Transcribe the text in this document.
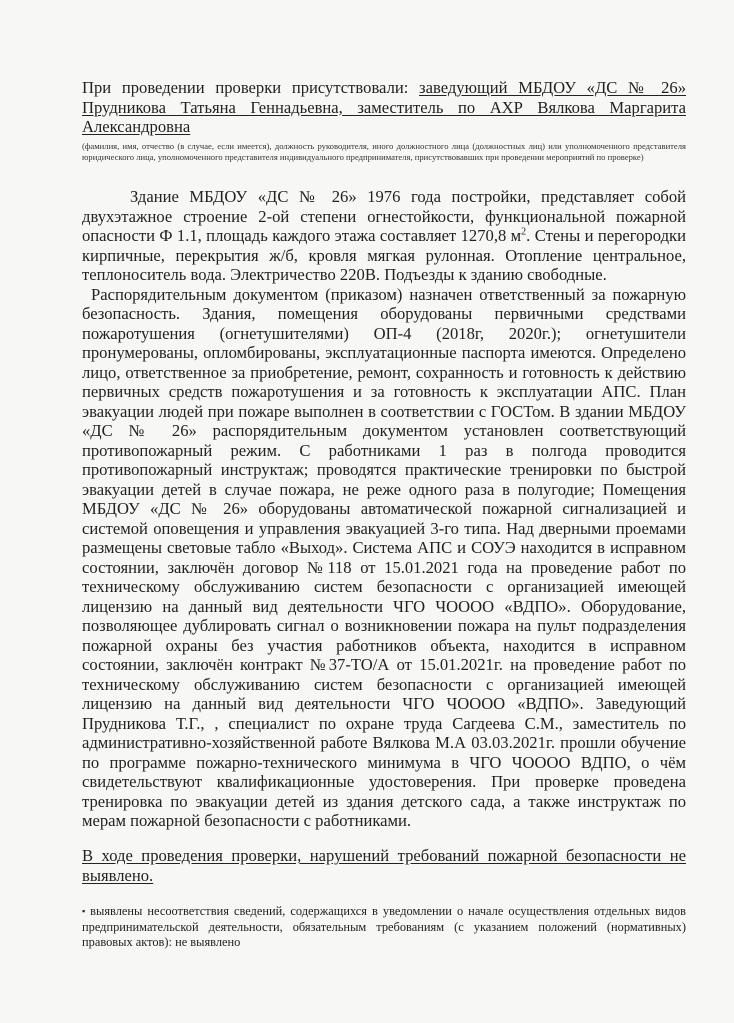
При проведении проверки присутствовали: заведующий МБДОУ «ДС № 26» Прудникова Татьяна Геннадьевна, заместитель по АХР Вялкова Маргарита Александровна
(фамилия, имя, отчество (в случае, если имеется), должность руководителя, иного должностного лица (должностных лиц) или уполномоченного представителя юридического лица, уполномоченного представителя индивидуального предпринимателя, присутствовавших при проведении мероприятий по проверке)

Здание МБДОУ «ДС № 26» 1976 года постройки, представляет собой двухэтажное строение 2-ой степени огнестойкости, функциональной пожарной опасности Ф 1.1, площадь каждого этажа составляет 1270,8 $м^2$. Стены и перегородки кирпичные, перекрытия ж/б, кровля мягкая рулонная. Отопление центральное, теплоноситель вода. Электричество 220В. Подъезды к зданию свободные.

Распорядительным документом (приказом) назначен ответственный за пожарную безопасность. Здания, помещения оборудованы первичными средствами пожаротушения (огнетушителями) ОП-4 (2018г, 2020г.); огнетушители пронумерованы, опломбированы, эксплуатационные паспорта имеются. Определено лицо, ответственное за приобретение, ремонт, сохранность и готовность к действию первичных средств пожаротушения и за готовность к эксплуатации АПС. План эвакуации людей при пожаре выполнен в соответствии с ГОСТом. В здании МБДОУ «ДС № 26» распорядительным документом установлен соответствующий противопожарный режим. С работниками 1 раз в полгода проводится противопожарный инструктаж; проводятся практические тренировки по быстрой эвакуации детей в случае пожара, не реже одного раза в полугодие; Помещения МБДОУ «ДС № 26» оборудованы автоматической пожарной сигнализацией и системой оповещения и управления эвакуацией 3-го типа. Над дверными проемами размещены световые табло «Выход». Система АПС и СОУЭ находится в исправном состоянии, заключён договор №118 от 15.01.2021 года на проведение работ по техническому обслуживанию систем безопасности с организацией имеющей лицензию на данный вид деятельности ЧГО ЧОООО «ВДПО». Оборудование, позволяющее дублировать сигнал о возникновении пожара на пульт подразделения пожарной охраны без участия работников объекта, находится в исправном состоянии, заключён контракт №37-ТО/А от 15.01.2021г. на проведение работ по техническому обслуживанию систем безопасности с организацией имеющей лицензию на данный вид деятельности ЧГО ЧОООО «ВДПО». Заведующий Прудникова Т.Г., , специалист по охране труда Сагдеева С.М., заместитель по административно-хозяйственной работе Вялкова М.А 03.03.2021г. прошли обучение по программе пожарно-технического минимума в ЧГО ЧОООО ВДПО, о чём свидетельствуют квалификационные удостоверения. При проверке проведена тренировка по эвакуации детей из здания детского сада, а также инструктаж по мерам пожарной безопасности с работниками.

В ходе проведения проверки, нарушений требований пожарной безопасности не
выявлено.
▪ выявлены несоответствия сведений, содержащихся в уведомлении о начале осуществления отдельных видов предпринимательской деятельности, обязательным требованиям (с указанием положений (нормативных) правовых актов): не выявлено
